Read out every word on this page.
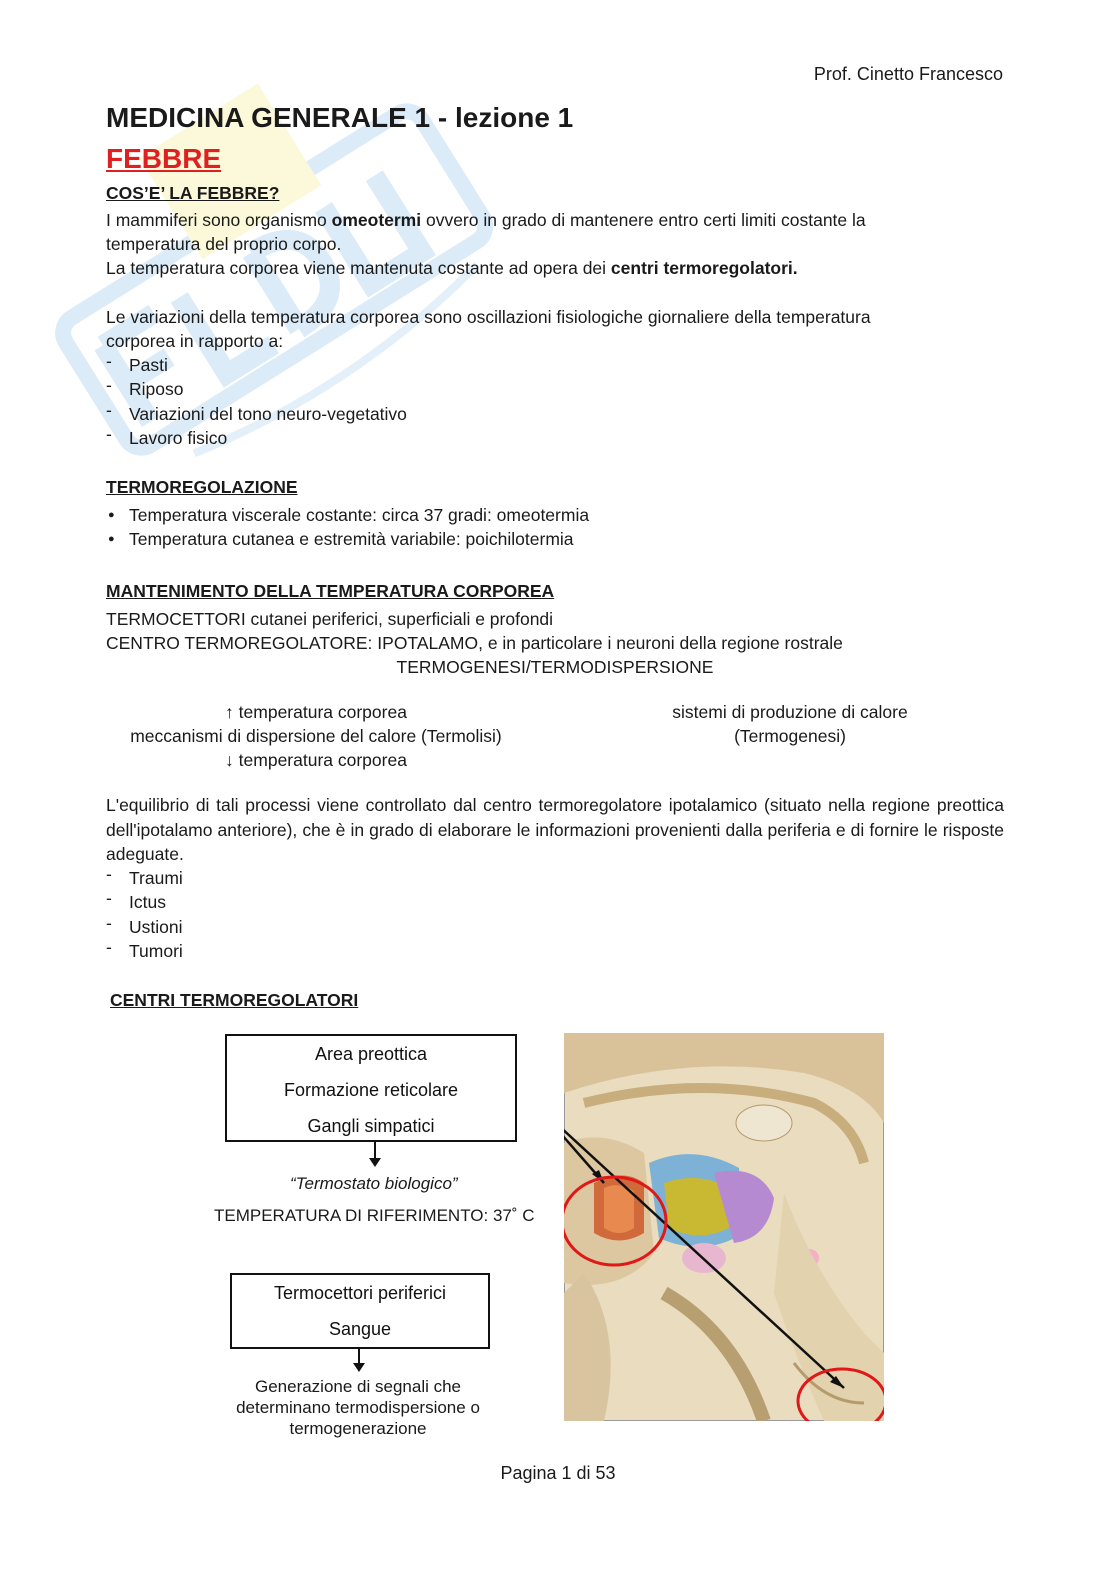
Prof. Cinetto Francesco
MEDICINA GENERALE 1 - lezione 1
FEBBRE
COS’E’ LA FEBBRE?
I mammiferi sono organismo omeotermi ovvero in grado di mantenere entro certi limiti costante la
temperatura del proprio corpo.
La temperatura corporea viene mantenuta costante ad opera dei centri termoregolatori.
Le variazioni della temperatura corporea sono oscillazioni fisiologiche giornaliere della temperatura
corporea in rapporto a:
- Pasti
- Riposo
- Variazioni del tono neuro-vegetativo
- Lavoro fisico
TERMOREGOLAZIONE
● Temperatura viscerale costante: circa 37 gradi: omeotermia
● Temperatura cutanea e estremità variabile: poichilotermia
MANTENIMENTO DELLA TEMPERATURA CORPOREA
TERMOCETTORI cutanei periferici, superficiali e profondi
CENTRO TERMOREGOLATORE: IPOTALAMO, e in particolare i neuroni della regione rostrale
TERMOGENESI/TERMODISPERSIONE
↑ temperatura corporea
meccanismi di dispersione del calore (Termolisi)
↓ temperatura corporea
sistemi di produzione di calore
(Termogenesi)
L'equilibrio di tali processi viene controllato dal centro termoregolatore ipotalamico (situato nella regione preottica dell'ipotalamo anteriore), che è in grado di elaborare le informazioni provenienti dalla periferia e di fornire le risposte adeguate.
- Traumi
- Ictus
- Ustioni
- Tumori
CENTRI TERMOREGOLATORI
Area preottica
Formazione reticolare
Gangli simpatici
“Termostato biologico”
TEMPERATURA DI RIFERIMENTO: 37˚ C
Termocettori periferici
Sangue
Generazione di segnali che
determinano termodispersione o
termogenerazione
Pagina 1 di 53
